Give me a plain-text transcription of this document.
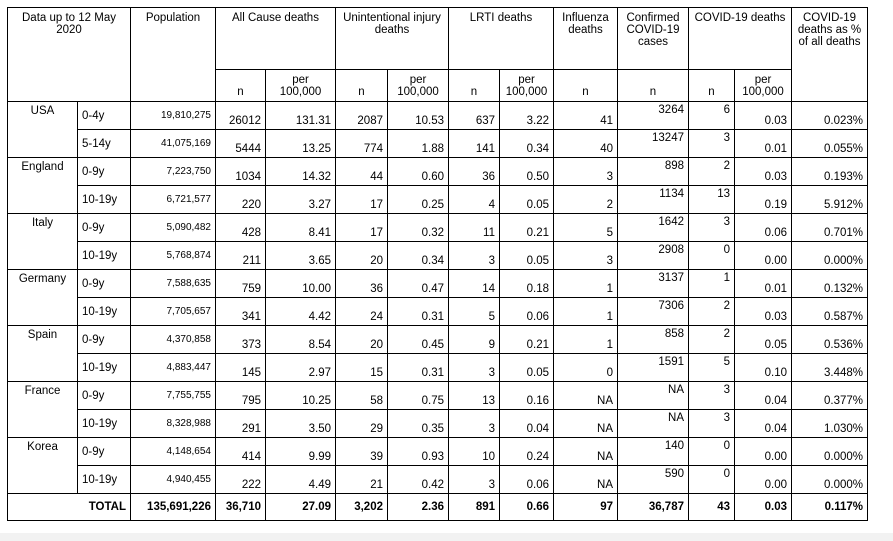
Data up to 12 May 2020		Population	All Cause deaths		Unintentional injury deaths		LRTI deaths		Influenza deaths	Confirmed COVID-19 cases	COVID-19 deaths		COVID-19 deaths as % of all deaths
			n	per 100,000	n	per 100,000	n	per 100,000	n	n	n	per 100,000	
USA	0-4y	19,810,275	26012	131.31	2087	10.53	637	3.22	41	3264	6	0.03	0.023%
	5-14y	41,075,169	5444	13.25	774	1.88	141	0.34	40	13247	3	0.01	0.055%
England	0-9y	7,223,750	1034	14.32	44	0.60	36	0.50	3	898	2	0.03	0.193%
	10-19y	6,721,577	220	3.27	17	0.25	4	0.05	2	1134	13	0.19	5.912%
Italy	0-9y	5,090,482	428	8.41	17	0.32	11	0.21	5	1642	3	0.06	0.701%
	10-19y	5,768,874	211	3.65	20	0.34	3	0.05	3	2908	0	0.00	0.000%
Germany	0-9y	7,588,635	759	10.00	36	0.47	14	0.18	1	3137	1	0.01	0.132%
	10-19y	7,705,657	341	4.42	24	0.31	5	0.06	1	7306	2	0.03	0.587%
Spain	0-9y	4,370,858	373	8.54	20	0.45	9	0.21	1	858	2	0.05	0.536%
	10-19y	4,883,447	145	2.97	15	0.31	3	0.05	0	1591	5	0.10	3.448%
France	0-9y	7,755,755	795	10.25	58	0.75	13	0.16	NA	NA	3	0.04	0.377%
	10-19y	8,328,988	291	3.50	29	0.35	3	0.04	NA	NA	3	0.04	1.030%
Korea	0-9y	4,148,654	414	9.99	39	0.93	10	0.24	NA	140	0	0.00	0.000%
	10-19y	4,940,455	222	4.49	21	0.42	3	0.06	NA	590	0	0.00	0.000%
TOTAL		135,691,226	36,710	27.09	3,202	2.36	891	0.66	97	36,787	43	0.03	0.117%
